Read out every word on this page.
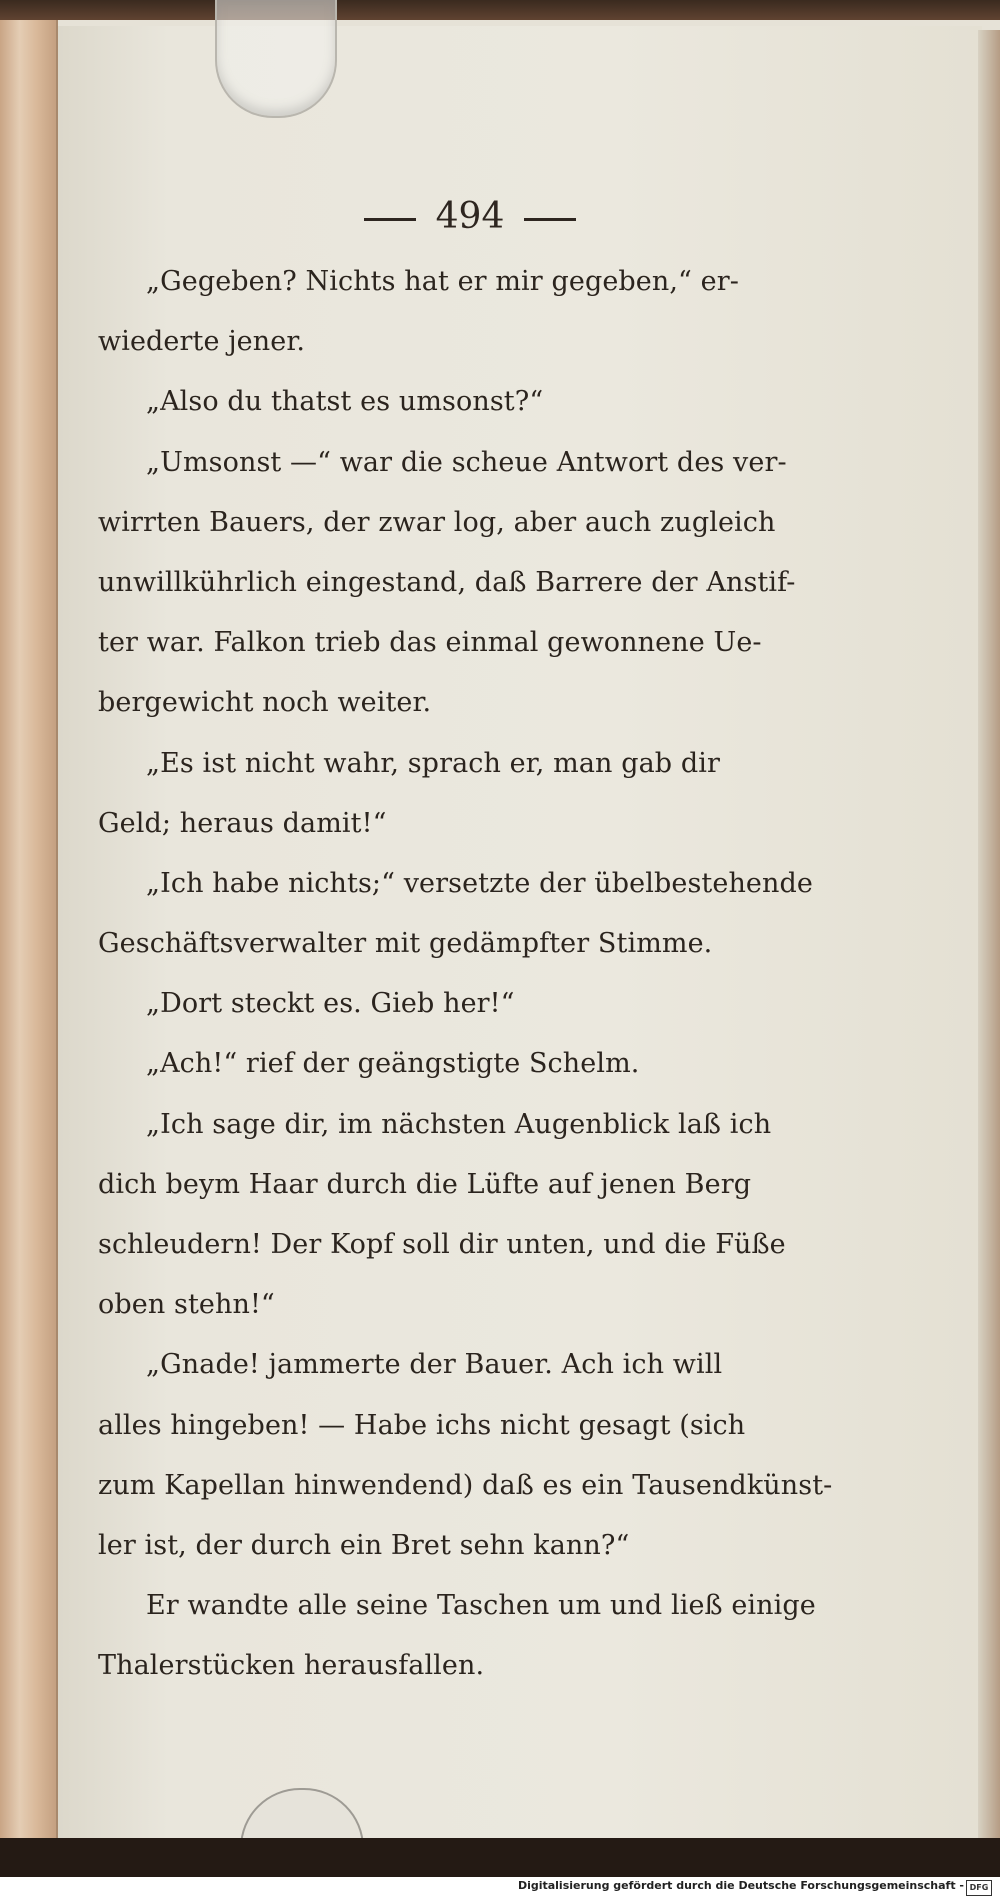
494
„Gegeben? Nichts hat er mir gegeben,“ er-
wiederte jener.
„Also du thatst es umsonst?“
„Umsonst —“ war die scheue Antwort des ver-
wirrten Bauers, der zwar log, aber auch zugleich
unwillkührlich eingestand, daß Barrere der Anstif-
ter war. Falkon trieb das einmal gewonnene Ue-
bergewicht noch weiter.
„Es ist nicht wahr, sprach er, man gab dir
Geld; heraus damit!“
„Ich habe nichts;“ versetzte der übelbestehende
Geschäftsverwalter mit gedämpfter Stimme.
„Dort steckt es. Gieb her!“
„Ach!“ rief der geängstigte Schelm.
„Ich sage dir, im nächsten Augenblick laß ich
dich beym Haar durch die Lüfte auf jenen Berg
schleudern! Der Kopf soll dir unten, und die Füße
oben stehn!“
„Gnade! jammerte der Bauer. Ach ich will
alles hingeben! — Habe ichs nicht gesagt (sich
zum Kapellan hinwendend) daß es ein Tausendkünst-
ler ist, der durch ein Bret sehn kann?“
Er wandte alle seine Taschen um und ließ einige
Thalerstücken herausfallen.
Digitalisierung gefördert durch die Deutsche Forschungsgemeinschaft - DFG
